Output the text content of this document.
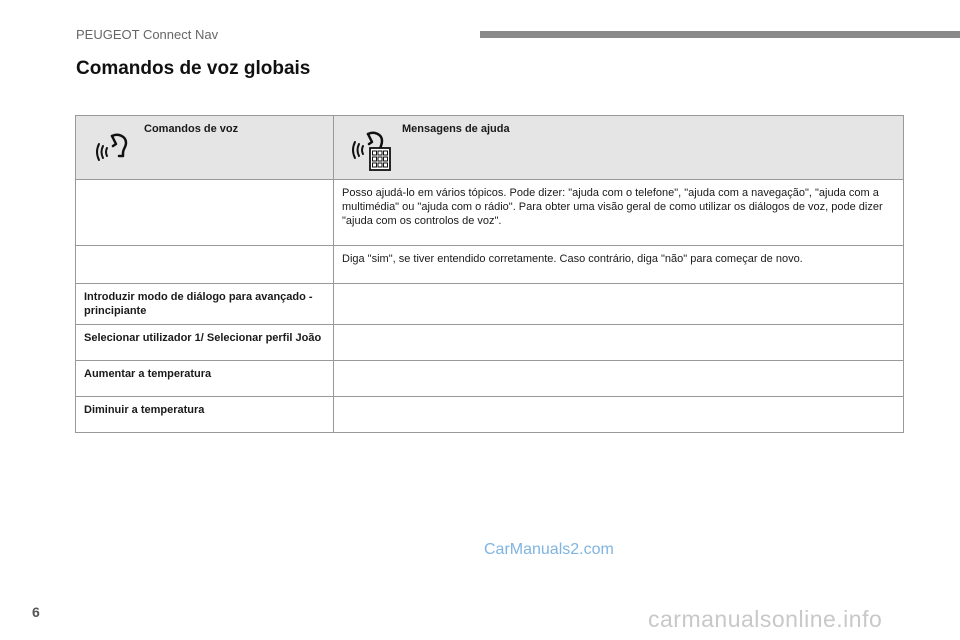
PEUGEOT Connect Nav
Comandos de voz globais
Comandos de voz	Mensagens de ajuda

	Posso ajudá-lo em vários tópicos. Pode dizer: "ajuda com o telefone", "ajuda com a navegação", "ajuda com a multimédia" ou "ajuda com o rádio". Para obter uma visão geral de como utilizar os diálogos de voz, pode dizer "ajuda com os controlos de voz".
	Diga "sim", se tiver entendido corretamente. Caso contrário, diga "não" para começar de novo.
Introduzir modo de diálogo para avançado - principiante	
Selecionar utilizador 1/ Selecionar perfil João	
Aumentar a temperatura	
Diminuir a temperatura	
CarManuals2.com
6	carmanualsonline.info
